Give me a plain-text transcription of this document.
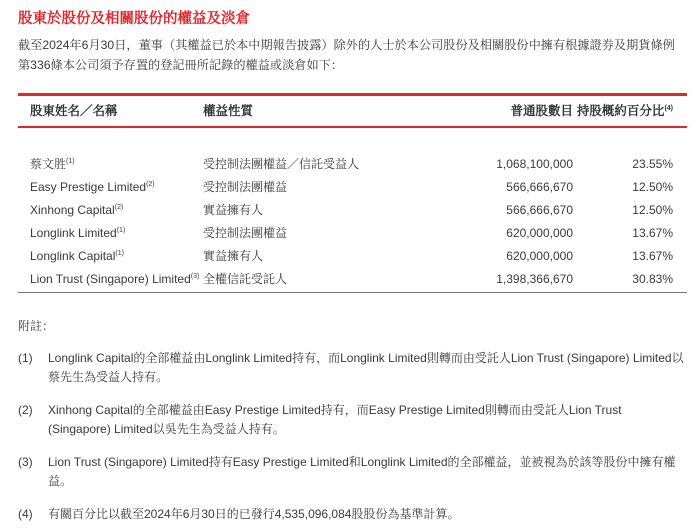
股東於股份及相關股份的權益及淡倉
截至2024年6月30日，董事（其權益已於本中期報告披露）除外的人士於本公司股份及相關股份中擁有根據證券及期貨條例
第336條本公司須予存置的登記冊所記錄的權益或淡倉如下：
股東姓名／名稱	權益性質	普通股數目	持股概約百分比$^{(4)}$
蔡文胜$^{(1)}$	受控制法團權益／信託受益人	1,068,100,000	23.55%
Easy Prestige Limited$^{(2)}$	受控制法團權益	566,666,670	12.50%
Xinhong Capital$^{(2)}$	實益擁有人	566,666,670	12.50%
Longlink Limited$^{(1)}$	受控制法團權益	620,000,000	13.67%
Longlink Capital$^{(1)}$	實益擁有人	620,000,000	13.67%
Lion Trust (Singapore) Limited$^{(3)}$	全權信託受託人	1,398,366,670	30.83%
附註：
(1)	Longlink Capital的全部權益由Longlink Limited持有，而Longlink Limited則轉而由受託人Lion Trust (Singapore) Limited以蔡先生為受益人持有。
(2)	Xinhong Capital的全部權益由Easy Prestige Limited持有，而Easy Prestige Limited則轉而由受託人Lion Trust (Singapore) Limited以吳先生為受益人持有。
(3)	Lion Trust (Singapore) Limited持有Easy Prestige Limited和Longlink Limited的全部權益，並被視為於該等股份中擁有權益。
(4)	有關百分比以截至2024年6月30日的已發行4,535,096,084股股份為基準計算。
